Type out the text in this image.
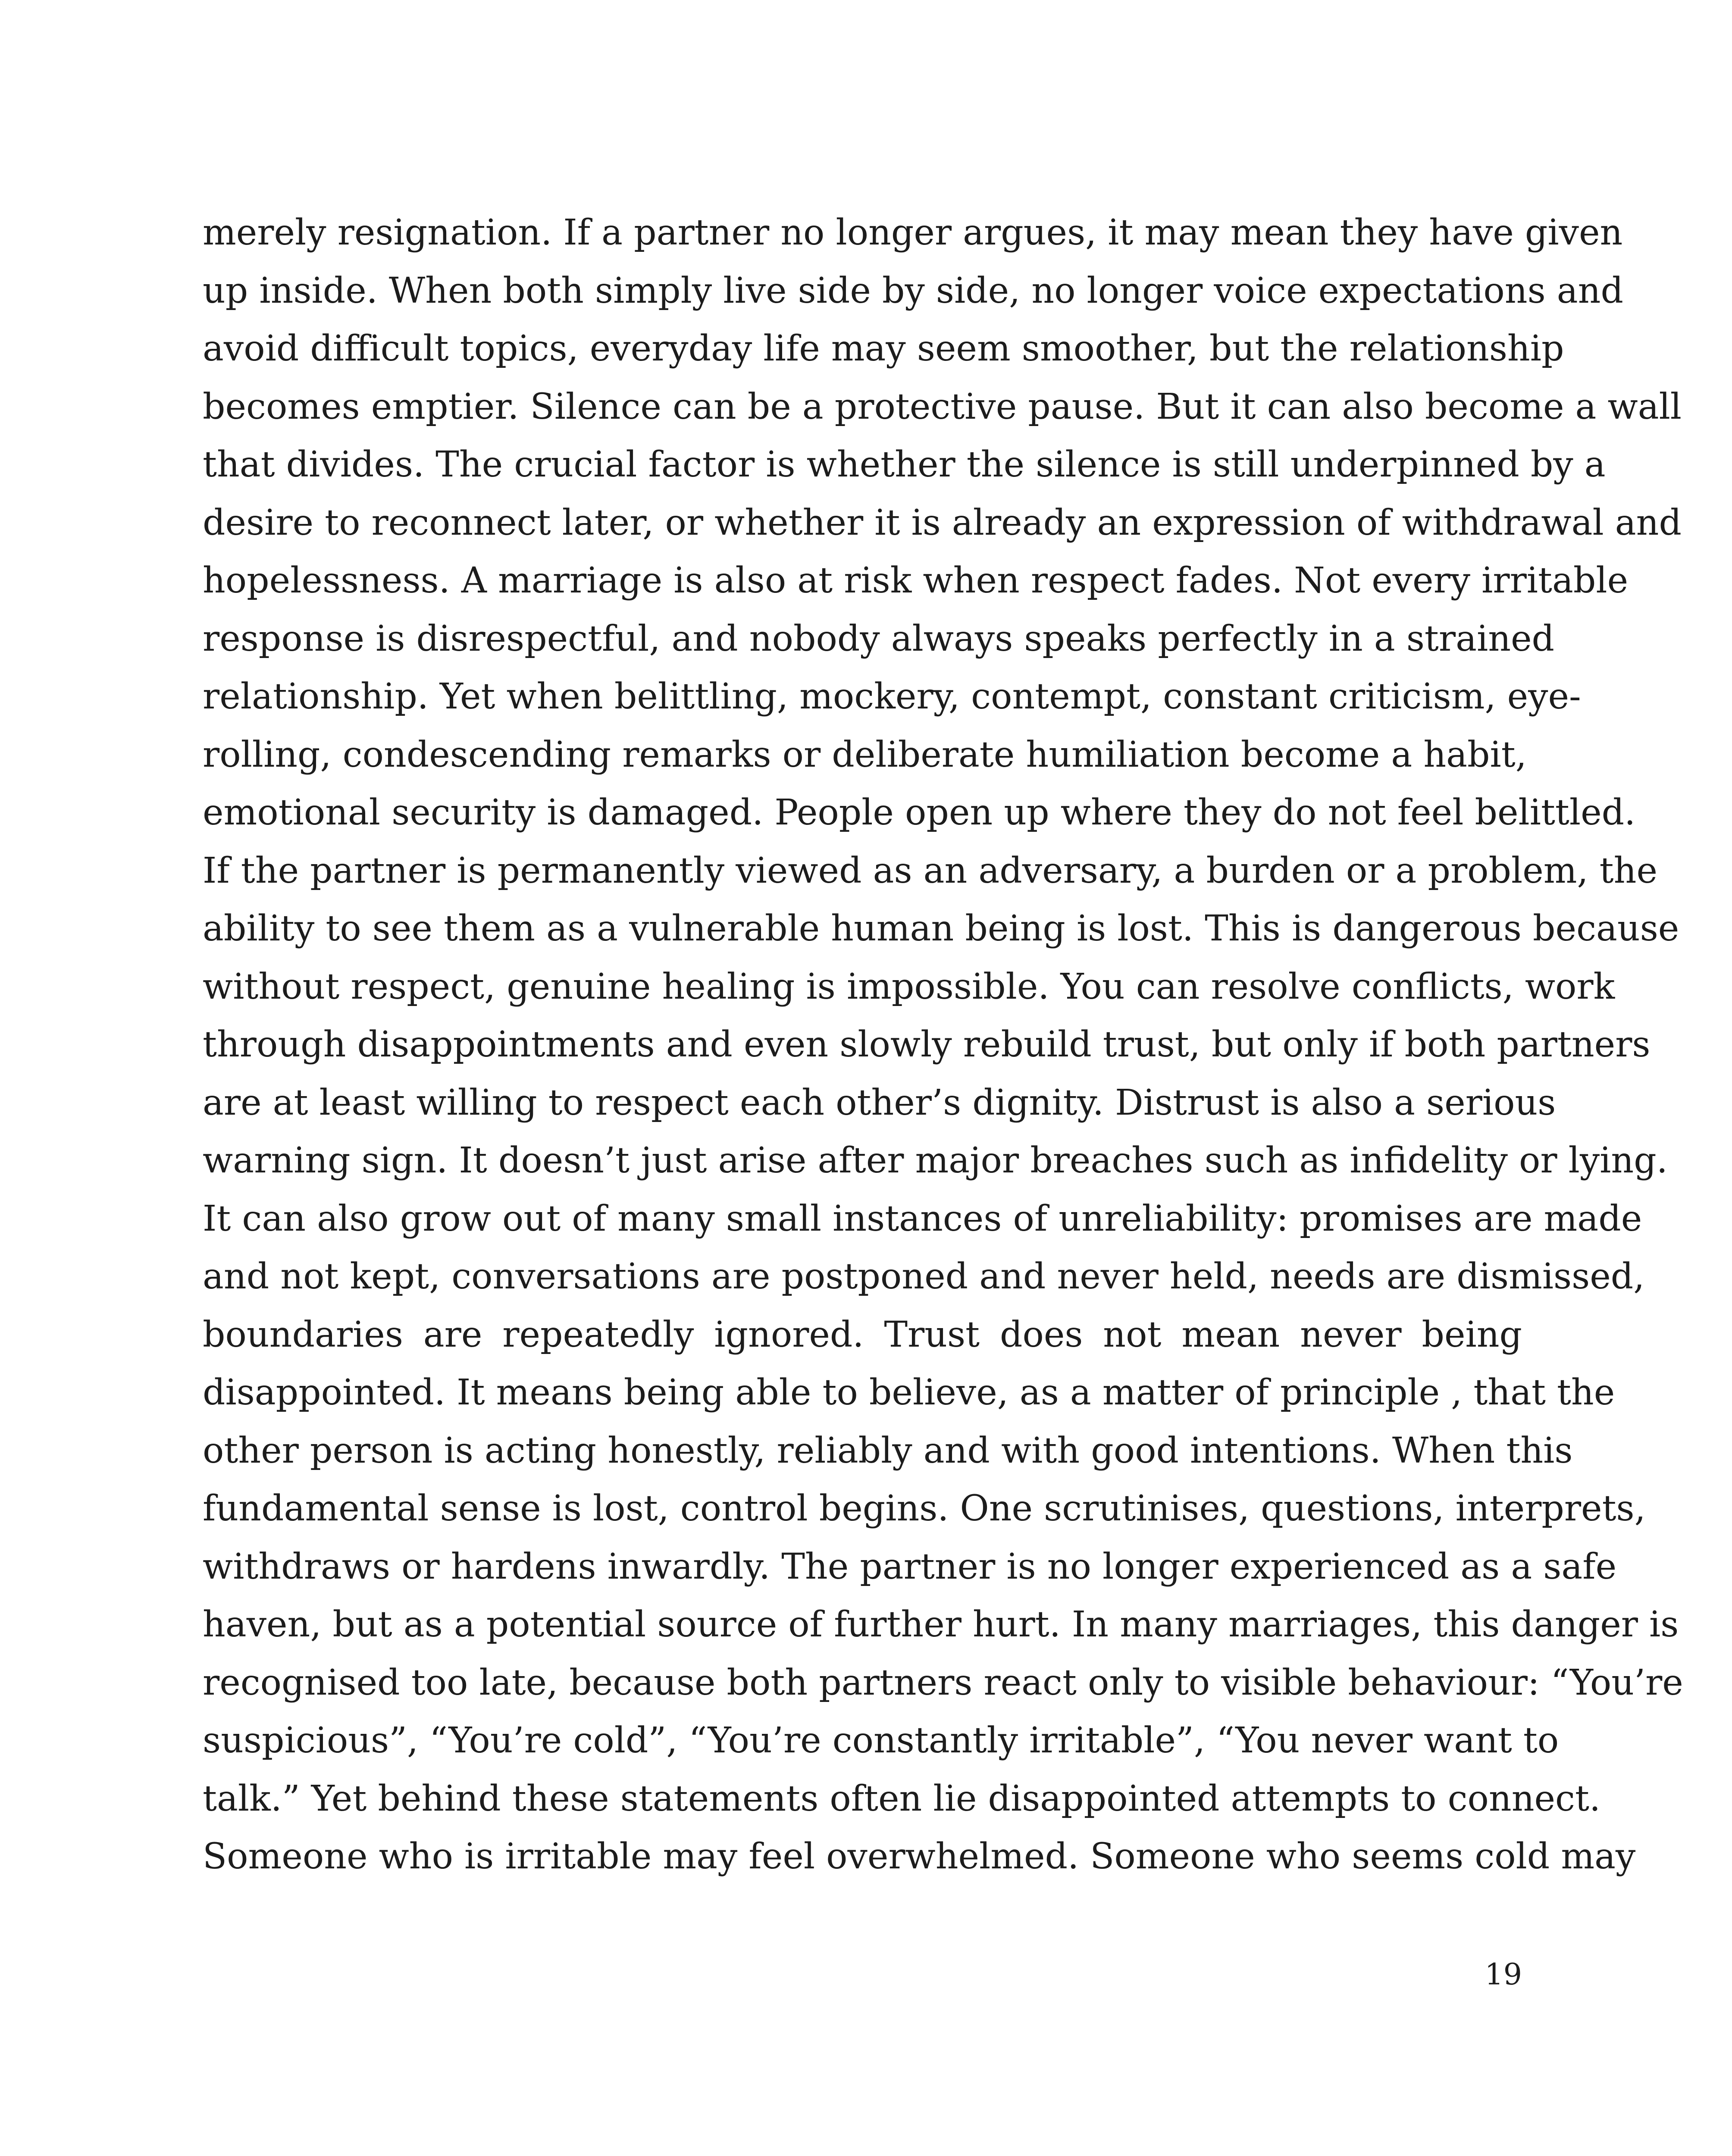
merely resignation. If a partner no longer argues, it may mean they have given
up inside. When both simply live side by side, no longer voice expectations and
avoid difficult topics, everyday life may seem smoother, but the relationship
becomes emptier. Silence can be a protective pause. But it can also become a wall
that divides. The crucial factor is whether the silence is still underpinned by a
desire to reconnect later, or whether it is already an expression of withdrawal and
hopelessness. A marriage is also at risk when respect fades. Not every irritable
response is disrespectful, and nobody always speaks perfectly in a strained
relationship. Yet when belittling, mockery, contempt, constant criticism, eye-
rolling, condescending remarks or deliberate humiliation become a habit,
emotional security is damaged. People open up where they do not feel belittled.
If the partner is permanently viewed as an adversary, a burden or a problem, the
ability to see them as a vulnerable human being is lost. This is dangerous because
without respect, genuine healing is impossible. You can resolve conflicts, work
through disappointments and even slowly rebuild trust, but only if both partners
are at least willing to respect each other’s dignity. Distrust is also a serious
warning sign. It doesn’t just arise after major breaches such as infidelity or lying.
It can also grow out of many small instances of unreliability: promises are made
and not kept, conversations are postponed and never held, needs are dismissed,
boundaries are repeatedly ignored. Trust does not mean never being
disappointed. It means being able to believe, as a matter of principle , that the
other person is acting honestly, reliably and with good intentions. When this
fundamental sense is lost, control begins. One scrutinises, questions, interprets,
withdraws or hardens inwardly. The partner is no longer experienced as a safe
haven, but as a potential source of further hurt. In many marriages, this danger is
recognised too late, because both partners react only to visible behaviour: “You’re
suspicious”, “You’re cold”, “You’re constantly irritable”, “You never want to
talk.” Yet behind these statements often lie disappointed attempts to connect.
Someone who is irritable may feel overwhelmed. Someone who seems cold may
19
